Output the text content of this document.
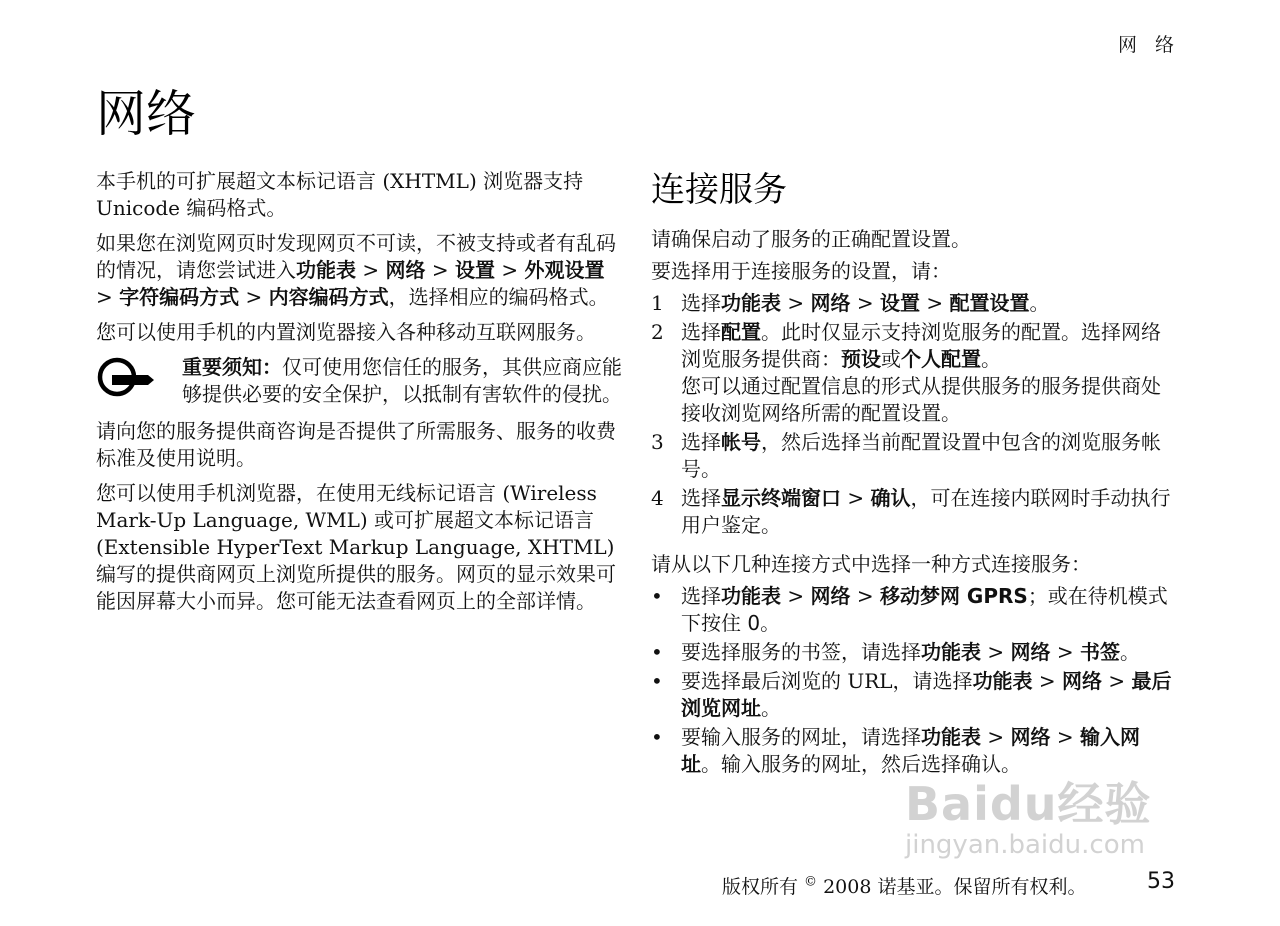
网 络
网络

本手机的可扩展超文本标记语言 (XHTML) 浏览器支持 Unicode 编码格式。

如果您在浏览网页时发现网页不可读，不被支持或者有乱码的情况，请您尝试进入功能表 > 网络 > 设置 > 外观设置 > 字符编码方式 > 内容编码方式，选择相应的编码格式。

您可以使用手机的内置浏览器接入各种移动互联网服务。

重要须知：仅可使用您信任的服务，其供应商应能够提供必要的安全保护，以抵制有害软件的侵扰。

请向您的服务提供商咨询是否提供了所需服务、服务的收费标准及使用说明。

您可以使用手机浏览器，在使用无线标记语言 (Wireless Mark-Up Language, WML) 或可扩展超文本标记语言 (Extensible HyperText Markup Language, XHTML) 编写的提供商网页上浏览所提供的服务。网页的显示效果可能因屏幕大小而异。您可能无法查看网页上的全部详情。

连接服务

请确保启动了服务的正确配置设置。

要选择用于连接服务的设置，请：

1 选择功能表 > 网络 > 设置 > 配置设置。
2 选择配置。此时仅显示支持浏览服务的配置。选择网络浏览服务提供商：预设或个人配置。
您可以通过配置信息的形式从提供服务的服务提供商处接收浏览网络所需的配置设置。
3 选择帐号，然后选择当前配置设置中包含的浏览服务帐号。
4 选择显示终端窗口 > 确认，可在连接内联网时手动执行用户鉴定。

请从以下几种连接方式中选择一种方式连接服务：

• 选择功能表 > 网络 > 移动梦网 GPRS；或在待机模式下按住 0。
• 要选择服务的书签，请选择功能表 > 网络 > 书签。
• 要选择最后浏览的 URL，请选择功能表 > 网络 > 最后浏览网址。
• 要输入服务的网址，请选择功能表 > 网络 > 输入网址。输入服务的网址，然后选择确认。
Baidu经验
jingyan.baidu.com
版权所有 © 2008 诺基亚。保留所有权利。	53
